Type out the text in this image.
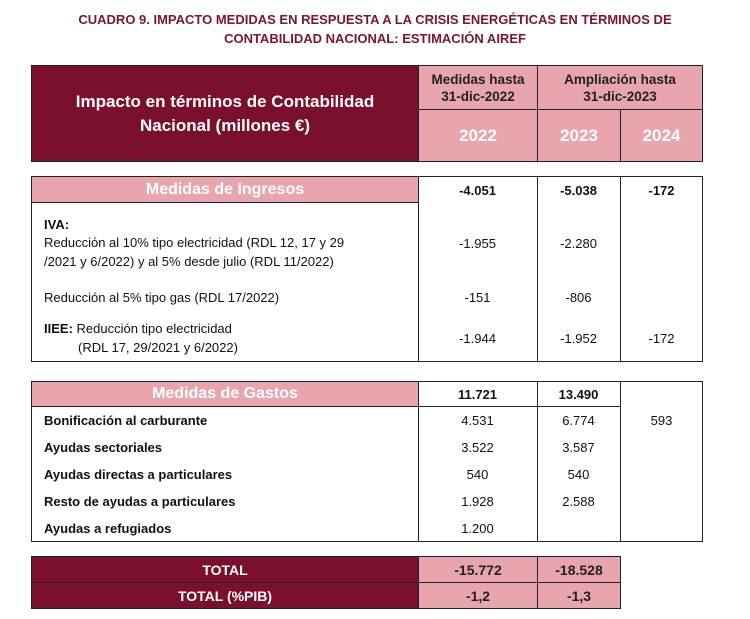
CUADRO 9. IMPACTO MEDIDAS EN RESPUESTA A LA CRISIS ENERGÉTICAS EN TÉRMINOS DE
CONTABILIDAD NACIONAL: ESTIMACIÓN AIREF
Impacto en términos de Contabilidad
Nacional (millones €)
Medidas hasta
31-dic-2022
Ampliación hasta
31-dic-2023
2022	2023	2024
Medidas de Ingresos	-4.051	-5.038	-172
IVA:
Reducción al 10% tipo electricidad (RDL 12, 17 y 29
/2021 y 6/2022) y al 5% desde julio (RDL 11/2022)
-1.955	-2.280
Reducción al 5% tipo gas (RDL 17/2022)	-151	-806
IIEE: Reducción tipo electricidad
(RDL 17, 29/2021 y 6/2022)
-1.944	-1.952	-172
Medidas de Gastos	11.721	13.490
Bonificación al carburante	4.531	6.774	593
Ayudas sectoriales	3.522	3.587
Ayudas directas a particulares	540	540
Resto de ayudas a particulares	1.928	2.588
Ayudas a refugiados	1.200
TOTAL	-15.772	-18.528
TOTAL (%PIB)	-1,2	-1,3
